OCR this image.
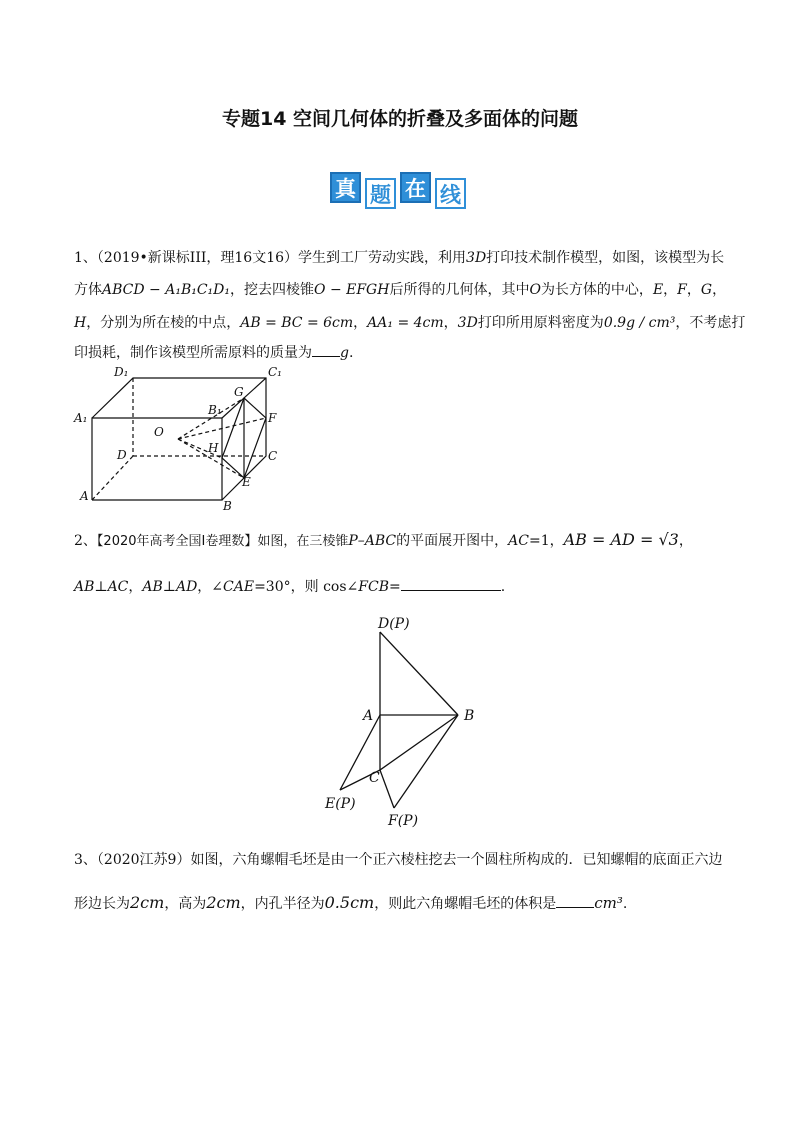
专题14 空间几何体的折叠及多面体的问题
真 题 在 线
1、（2019•新课标III，理16文16）学生到工厂劳动实践，利用3D打印技术制作模型，如图，该模型为长
方体ABCD − A₁B₁C₁D₁，挖去四棱锥O − EFGH后所得的几何体，其中O为长方体的中心，E，F，G，
H，分别为所在棱的中点，AB = BC = 6cm，AA₁ = 4cm，3D打印所用原料密度为0.9g / cm³，不考虑打
印损耗，制作该模型所需原料的质量为 g.
D₁	C₁
A₁
B₁
G
F
O
H
D	C
E
A
B
2、【2020年高考全国Ⅰ卷理数】如图，在三棱锥P–ABC的平面展开图中，AC=1，AB = AD = √3，
AB⊥AC，AB⊥AD，∠CAE=30°，则 cos∠FCB=	.
D(P)
A	B
C
E(P)
F(P)
3、（2020江苏9）如图，六角螺帽毛坯是由一个正六棱柱挖去一个圆柱所构成的．已知螺帽的底面正六边
形边长为2cm，高为2cm，内孔半径为0.5cm，则此六角螺帽毛坯的体积是	cm³.
